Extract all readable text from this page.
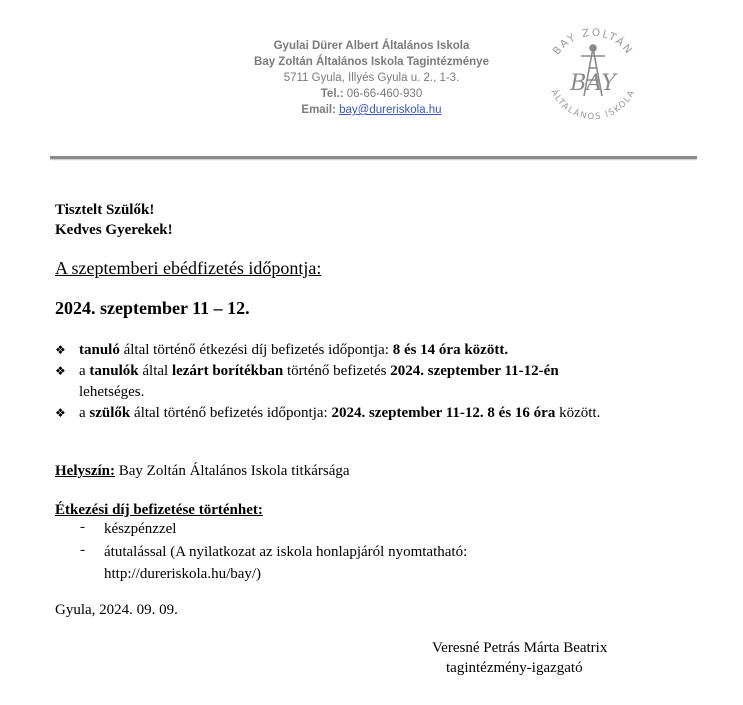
Gyulai Dürer Albert Általános Iskola
Bay Zoltán Általános Iskola Tagintézménye
5711 Gyula, Illyés Gyula u. 2., 1-3.
Tel.: 06-66-460-930
Email: bay@dureriskola.hu
BAY ZOLTÁN
ÁLTALÁNOS ISKOLA
BAY
Tisztelt Szülők!
Kedves Gyerekek!
A szeptemberi ebédfizetés időpontja:
2024. szeptember 11 – 12.
❖ tanuló által történő étkezési díj befizetés időpontja: 8 és 14 óra között.
❖ a tanulók által lezárt borítékban történő befizetés 2024. szeptember 11-12-én
lehetséges.
❖ a szülők által történő befizetés időpontja: 2024. szeptember 11-12. 8 és 16 óra között.
Helyszín: Bay Zoltán Általános Iskola titkársága
Étkezési díj befizetése történhet:
- készpénzzel
- átutalással (A nyilatkozat az iskola honlapjáról nyomtatható:
http://dureriskola.hu/bay/)
Gyula, 2024. 09. 09.
Veresné Petrás Márta Beatrix
tagintézmény-igazgató
